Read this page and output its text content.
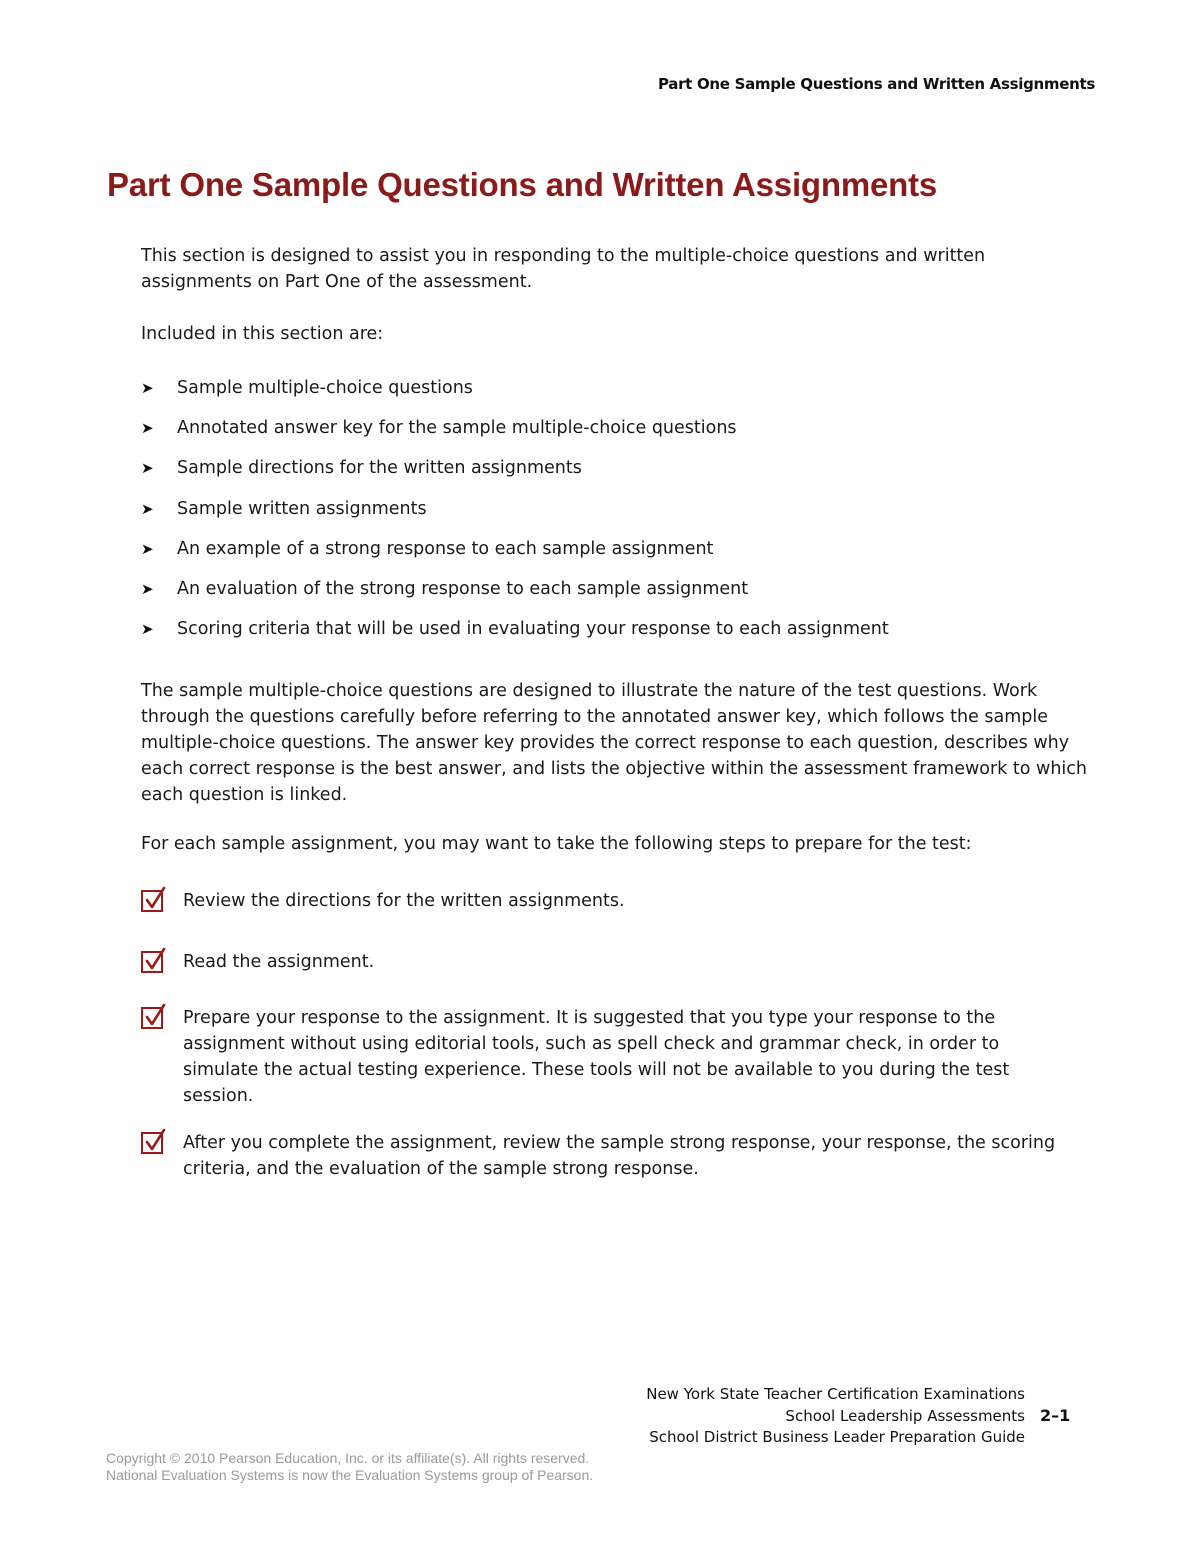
Part One Sample Questions and Written Assignments
Part One Sample Questions and Written Assignments

This section is designed to assist you in responding to the multiple-choice questions and written assignments on Part One of the assessment.

Included in this section are:

➤	Sample multiple-choice questions
➤	Annotated answer key for the sample multiple-choice questions
➤	Sample directions for the written assignments
➤	Sample written assignments
➤	An example of a strong response to each sample assignment
➤	An evaluation of the strong response to each sample assignment
➤	Scoring criteria that will be used in evaluating your response to each assignment

The sample multiple-choice questions are designed to illustrate the nature of the test questions. Work through the questions carefully before referring to the annotated answer key, which follows the sample multiple-choice questions. The answer key provides the correct response to each question, describes why each correct response is the best answer, and lists the objective within the assessment framework to which each question is linked.

For each sample assignment, you may want to take the following steps to prepare for the test:

Review the directions for the written assignments.
Read the assignment.
Prepare your response to the assignment. It is suggested that you type your response to the assignment without using editorial tools, such as spell check and grammar check, in order to simulate the actual testing experience. These tools will not be available to you during the test session.
After you complete the assignment, review the sample strong response, your response, the scoring criteria, and the evaluation of the sample strong response.
New York State Teacher Certification Examinations
School Leadership Assessments
School District Business Leader Preparation Guide
2–1
Copyright © 2010 Pearson Education, Inc. or its affiliate(s). All rights reserved.
National Evaluation Systems is now the Evaluation Systems group of Pearson.
